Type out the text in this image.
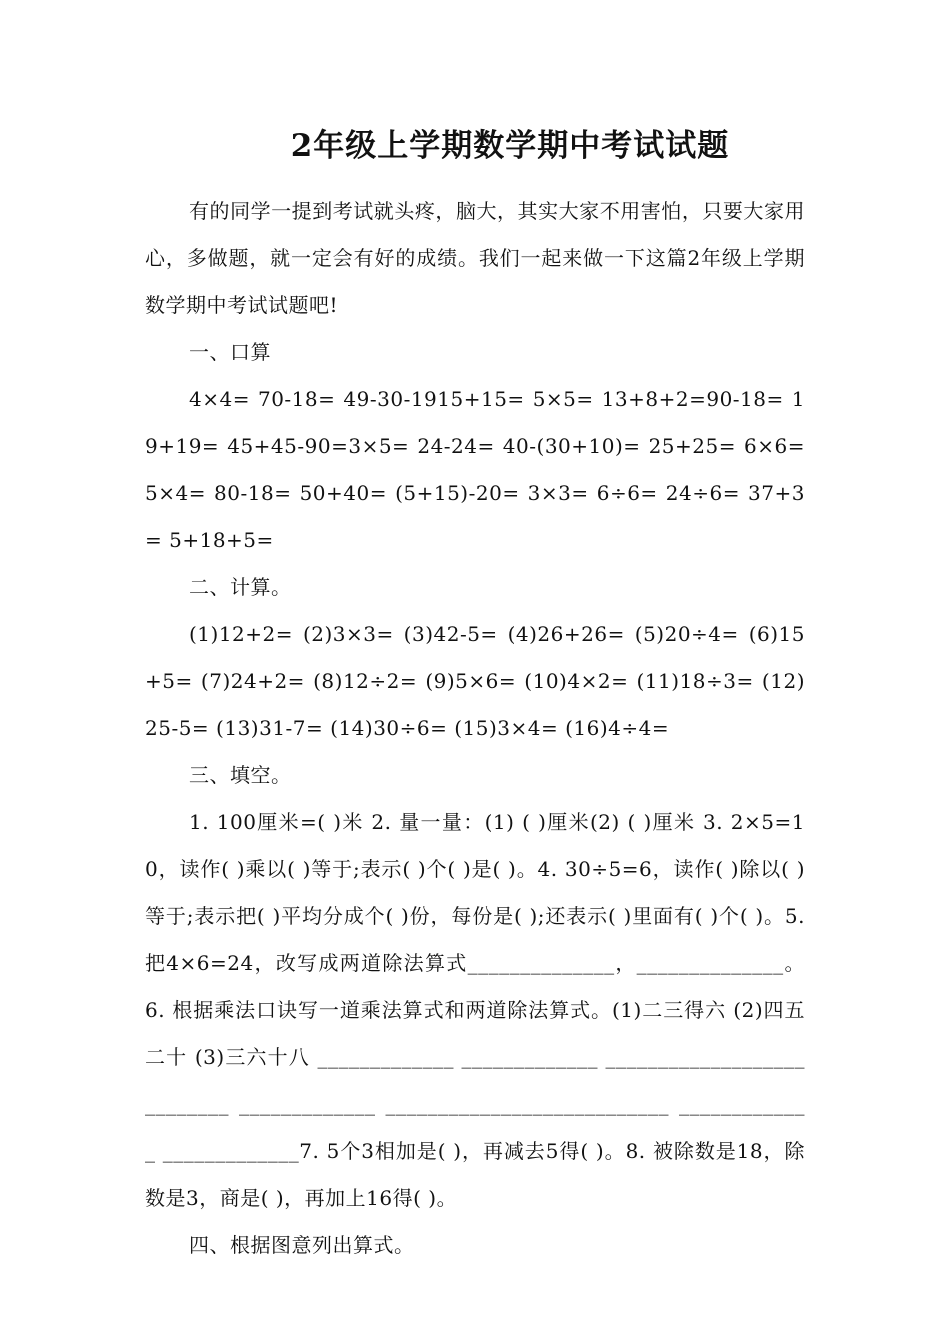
2年级上学期数学期中考试试题

有的同学一提到考试就头疼，脑大，其实大家不用害怕，只要大家用心，多做题，就一定会有好的成绩。我们一起来做一下这篇2年级上学期数学期中考试试题吧!

一、口算

4×4= 70-18= 49-30-1915+15= 5×5= 13+8+2=90-18= 19+19= 45+45-90=3×5= 24-24= 40-(30+10)= 25+25= 6×6= 5×4= 80-18= 50+40= (5+15)-20= 3×3= 6÷6= 24÷6= 37+3= 5+18+5=

二、计算。

(1)12+2= (2)3×3= (3)42-5= (4)26+26= (5)20÷4= (6)15+5= (7)24+2= (8)12÷2= (9)5×6= (10)4×2= (11)18÷3= (12)25-5= (13)31-7= (14)30÷6= (15)3×4= (16)4÷4=

三、填空。

1. 100厘米=( )米 2. 量一量：(1) ( )厘米(2) ( )厘米 3. 2×5=10，读作( )乘以( )等于;表示( )个( )是( )。4. 30÷5=6，读作( )除以( )等于;表示把( )平均分成个( )份，每份是( );还表示( )里面有( )个( )。5. 把4×6=24，改写成两道除法算式______________，______________。6. 根据乘法口诀写一道乘法算式和两道除法算式。(1)二三得六 (2)四五二十 (3)三六十八 _____________ _____________ ___________________________ _____________ ___________________________ _____________ _____________7. 5个3相加是( )，再减去5得( )。8. 被除数是18，除数是3，商是( )，再加上16得( )。

四、根据图意列出算式。
